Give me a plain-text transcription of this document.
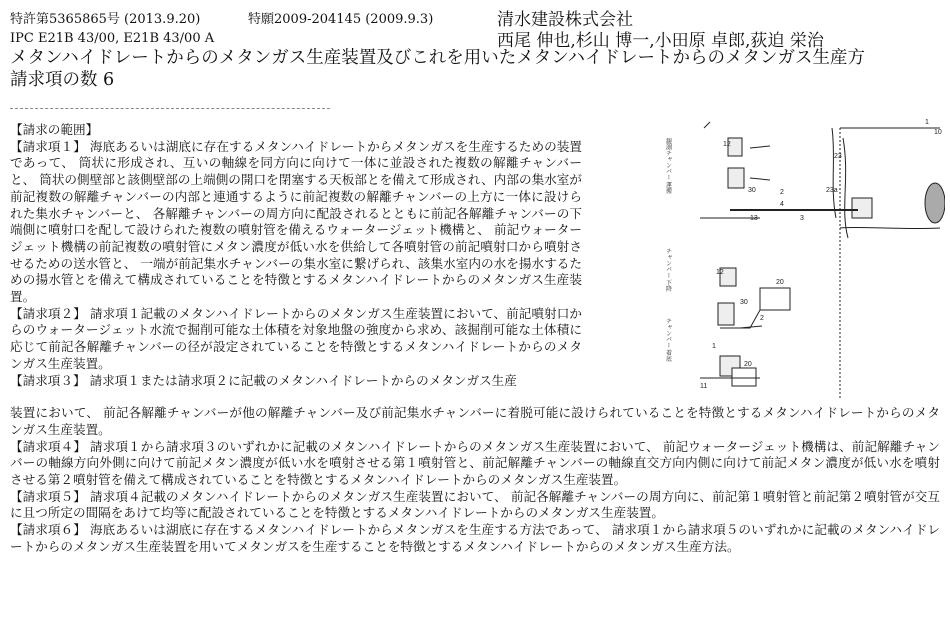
特許第5365865号 (2013.9.20)	特願2009-204145 (2009.9.3)	清水建設株式会社
IPC E21B 43/00, E21B 43/00 A	西尾 伸也,杉山 博一,小田原 卓郎,荻迫 栄治
メタンハイドレートからのメタンガス生産装置及びこれを用いたメタンハイドレートからのメタンガス生産方
請求項の数 6

【請求の範囲】

【請求項１】 海底あるいは湖底に存在するメタンハイドレートからメタンガスを生産するための装置であって、 筒状に形成され、互いの軸線を同方向に向けて一体に並設された複数の解離チャンバーと、 筒状の側壁部と該側壁部の上端側の開口を閉塞する天板部とを備えて形成され、内部の集水室が前記複数の解離チャンバーの内部と連通するように前記複数の解離チャンバーの上方に一体に設けられた集水チャンバーと、 各解離チャンバーの周方向に配設されるとともに前記各解離チャンバーの下端側に噴射口を配して設けられた複数の噴射管を備えるウォータージェット機構と、 前記ウォータージェット機構の前記複数の噴射管にメタン濃度が低い水を供給して各噴射管の前記噴射口から噴射させるための送水管と、 一端が前記集水チャンバーの集水室に繋げられ、該集水室内の水を揚水するための揚水管とを備えて構成されていることを特徴とするメタンハイドレートからのメタンガス生産装置。

【請求項２】 請求項１記載のメタンハイドレートからのメタンガス生産装置において、前記噴射口からのウォータージェット水流で掘削可能な土体積を対象地盤の強度から求め、該掘削可能な土体積に応じて前記各解離チャンバーの径が設定されていることを特徴とするメタンハイドレートからのメタンガス生産装置。

【請求項３】 請求項１または請求項２に記載のメタンハイドレートからのメタンガス生産

装置において、 前記各解離チャンバーが他の解離チャンバー及び前記集水チャンバーに着脱可能に設けられていることを特徴とするメタンハイドレートからのメタンガス生産装置。

【請求項４】 請求項１から請求項３のいずれかに記載のメタンハイドレートからのメタンガス生産装置において、 前記ウォータージェット機構は、前記解離チャンバーの軸線方向外側に向けて前記メタン濃度が低い水を噴射させる第１噴射管と、前記解離チャンバーの軸線直交方向内側に向けて前記メタン濃度が低い水を噴射させる第２噴射管を備えて構成されていることを特徴とするメタンハイドレートからのメタンガス生産装置。

【請求項５】 請求項４記載のメタンハイドレートからのメタンガス生産装置において、 前記各解離チャンバーの周方向に、前記第１噴射管と前記第２噴射管が交互に且つ所定の間隔をあけて均等に配設されていることを特徴とするメタンハイドレートからのメタンガス生産装置。

【請求項６】 海底あるいは湖底に存在するメタンハイドレートからメタンガスを生産する方法であって、 請求項１から請求項５のいずれかに記載のメタンハイドレートからのメタンガス生産装置を用いてメタンガスを生産することを特徴とするメタンハイドレートからのメタンガス生産方法。

1
10
12
30	2	23a
4
3
13
12
30
20
2
20
11
1
23
観測チャンバー 運搬
チャンバー 下降
チャンバー 着底
